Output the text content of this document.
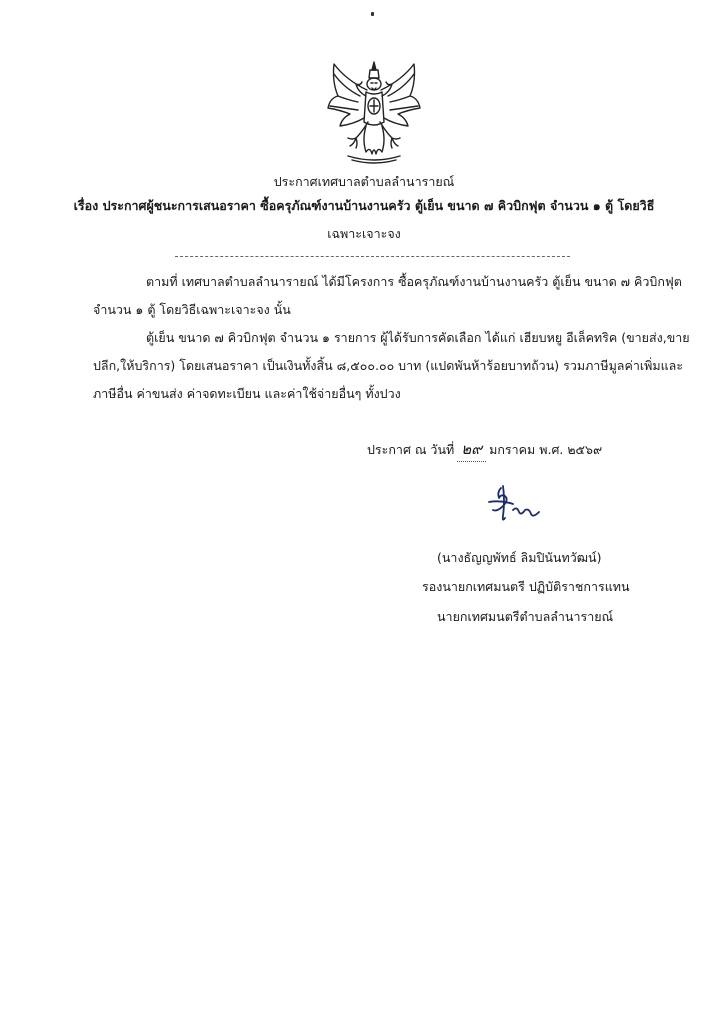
ประกาศเทศบาลตำบลลำนารายณ์
เรื่อง ประกาศผู้ชนะการเสนอราคา ซื้อครุภัณฑ์งานบ้านงานครัว ตู้เย็น ขนาด ๗ คิวบิกฟุต จำนวน ๑ ตู้ โดยวิธี
เฉพาะเจาะจง
ตามที่ เทศบาลตำบลลำนารายณ์ ได้มีโครงการ ซื้อครุภัณฑ์งานบ้านงานครัว ตู้เย็น ขนาด ๗ คิวบิกฟุต
จำนวน ๑ ตู้ โดยวิธีเฉพาะเจาะจง นั้น
ตู้เย็น ขนาด ๗ คิวบิกฟุต จำนวน ๑ รายการ ผู้ได้รับการคัดเลือก ได้แก่ เฮียบหยู อีเล็คทริค (ขายส่ง,ขาย
ปลีก,ให้บริการ) โดยเสนอราคา เป็นเงินทั้งสิ้น ๘,๕๐๐.๐๐ บาท (แปดพันห้าร้อยบาทถ้วน) รวมภาษีมูลค่าเพิ่มและ
ภาษีอื่น ค่าขนส่ง ค่าจดทะเบียน และค่าใช้จ่ายอื่นๆ ทั้งปวง
ประกาศ ณ วันที่ ๒๙ มกราคม พ.ศ. ๒๕๖๙
(นางธัญญพัทธ์ ลิมปินันทวัฒน์)
รองนายกเทศมนตรี ปฏิบัติราชการแทน
นายกเทศมนตรีตำบลลำนารายณ์
